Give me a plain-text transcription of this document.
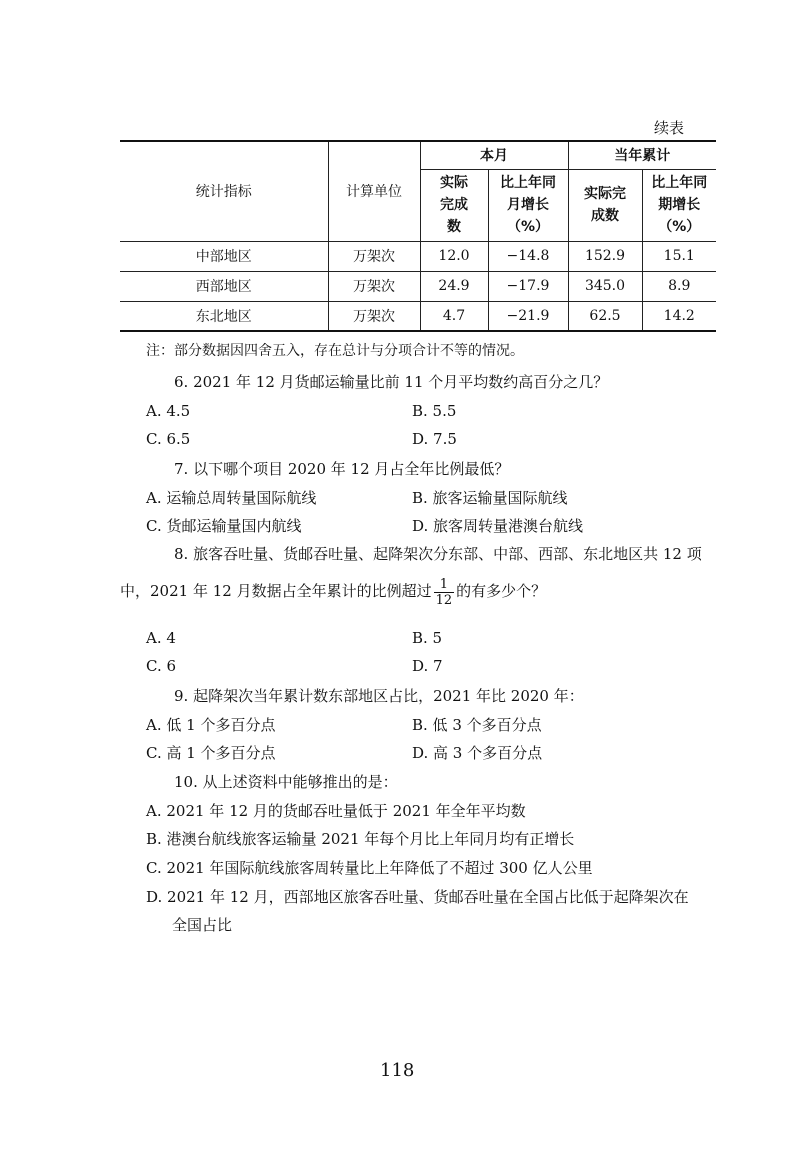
续表
统计指标	计算单位	本月		当年累计	
		实际完成数	比上年同月增长（%）	实际完成数	比上年同期增长（%）
中部地区	万架次	12.0	−14.8	152.9	15.1
西部地区	万架次	24.9	−17.9	345.0	8.9
东北地区	万架次	4.7	−21.9	62.5	14.2
注：部分数据因四舍五入，存在总计与分项合计不等的情况。
6. 2021 年 12 月货邮运输量比前 11 个月平均数约高百分之几？
A. 4.5	B. 5.5
C. 6.5	D. 7.5
7. 以下哪个项目 2020 年 12 月占全年比例最低？
A. 运输总周转量国际航线	B. 旅客运输量国际航线
C. 货邮运输量国内航线	D. 旅客周转量港澳台航线
8. 旅客吞吐量、货邮吞吐量、起降架次分东部、中部、西部、东北地区共 12 项
中，2021 年 12 月数据占全年累计的比例超过 $\frac{1}{12}$ 的有多少个？
A. 4	B. 5
C. 6	D. 7
9. 起降架次当年累计数东部地区占比，2021 年比 2020 年：
A. 低 1 个多百分点	B. 低 3 个多百分点
C. 高 1 个多百分点	D. 高 3 个多百分点
10. 从上述资料中能够推出的是：
A. 2021 年 12 月的货邮吞吐量低于 2021 年全年平均数
B. 港澳台航线旅客运输量 2021 年每个月比上年同月均有正增长
C. 2021 年国际航线旅客周转量比上年降低了不超过 300 亿人公里
D. 2021 年 12 月，西部地区旅客吞吐量、货邮吞吐量在全国占比低于起降架次在
全国占比
118
